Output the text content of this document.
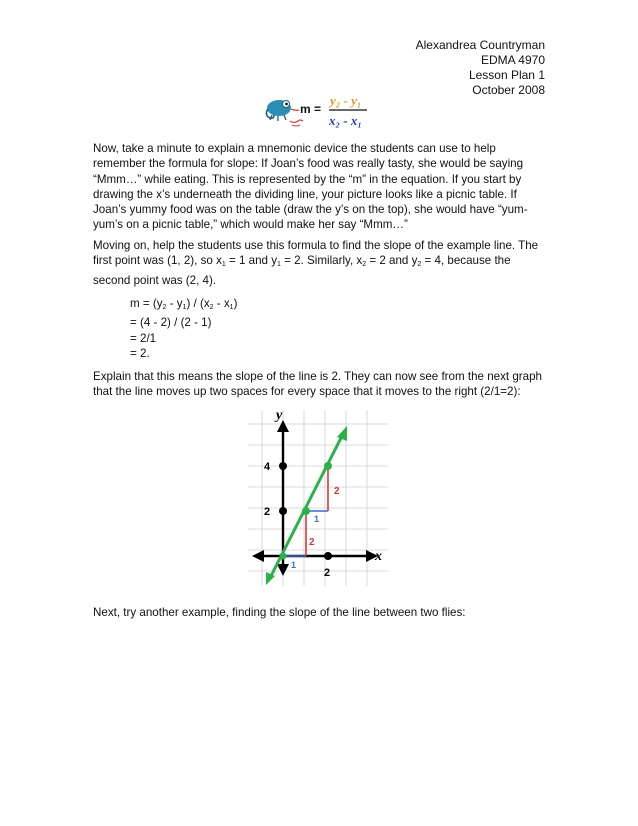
Alexandrea Countryman
EDMA 4970
Lesson Plan 1
October 2008
m =
y₂ - y₁
x₂ - x₁
Now, take a minute to explain a mnemonic device the students can use to help remember the formula for slope: If Joan’s food was really tasty, she would be saying “Mmm…” while eating. This is represented by the “m” in the equation. If you start by drawing the x’s underneath the dividing line, your picture looks like a picnic table. If Joan’s yummy food was on the table (draw the y’s on the top), she would have “yum-yum’s on a picnic table,” which would make her say “Mmm…”
Moving on, help the students use this formula to find the slope of the example line. The first point was (1, 2), so $x_1 = 1$ and $y_1 = 2$. Similarly, $x_2 = 2$ and $y_2 = 4$, because the second point was (2, 4).
$m = (y_2 - y_1) / (x_2 - x_1)$
= (4 - 2) / (2 - 1)
= 2/1
= 2.
Explain that this means the slope of the line is 2. They can now see from the next graph that the line moves up two spaces for every space that it moves to the right (2/1=2):
y
x
4
2
2
2
1
2
1
Next, try another example, finding the slope of the line between two flies:
